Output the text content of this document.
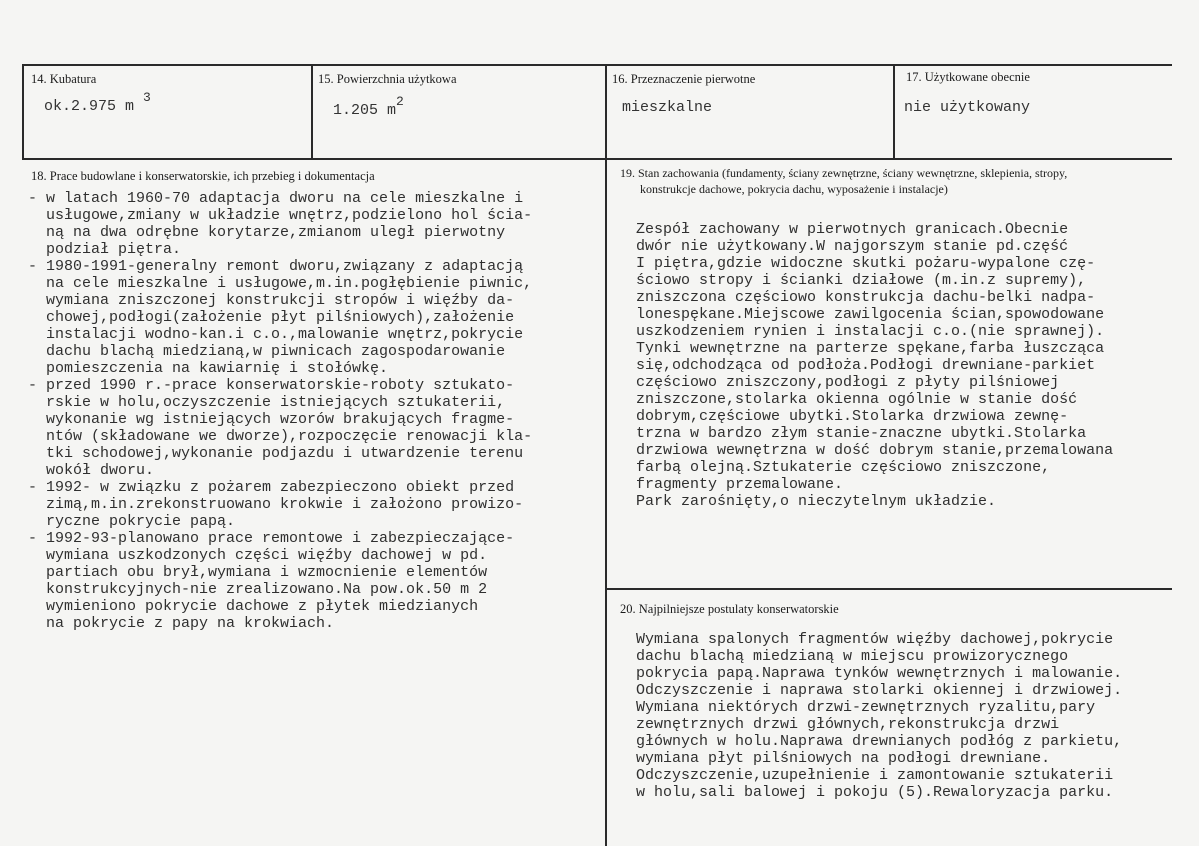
14. Kubatura
ok.2.975 m 3
15. Powierzchnia użytkowa
1.205 m2
16. Przeznaczenie pierwotne
mieszkalne
17. Użytkowane obecnie
nie użytkowany
18. Prace budowlane i konserwatorskie, ich przebieg i dokumentacja
- w latach 1960-70 adaptacja dworu na cele mieszkalne i
usługowe,zmiany w układzie wnętrz,podzielono hol ścia-
ną na dwa odrębne korytarze,zmianom uległ pierwotny
podział piętra.
- 1980-1991-generalny remont dworu,związany z adaptacją
na cele mieszkalne i usługowe,m.in.pogłębienie piwnic,
wymiana zniszczonej konstrukcji stropów i więźby da-
chowej,podłogi(założenie płyt pilśniowych),założenie
instalacji wodno-kan.i c.o.,malowanie wnętrz,pokrycie
dachu blachą miedzianą,w piwnicach zagospodarowanie
pomieszczenia na kawiarnię i stołówkę.
- przed 1990 r.-prace konserwatorskie-roboty sztukato-
rskie w holu,oczyszczenie istniejących sztukaterii,
wykonanie wg istniejących wzorów brakujących fragme-
ntów (składowane we dworze),rozpoczęcie renowacji kla-
tki schodowej,wykonanie podjazdu i utwardzenie terenu
wokół dworu.
- 1992- w związku z pożarem zabezpieczono obiekt przed
zimą,m.in.zrekonstruowano krokwie i założono prowizo-
ryczne pokrycie papą.
- 1992-93-planowano prace remontowe i zabezpieczające-
wymiana uszkodzonych części więźby dachowej w pd.
partiach obu brył,wymiana i wzmocnienie elementów
konstrukcyjnych-nie zrealizowano.Na pow.ok.50 m 2
wymieniono pokrycie dachowe z płytek miedzianych
na pokrycie z papy na krokwiach.
19. Stan zachowania (fundamenty, ściany zewnętrzne, ściany wewnętrzne, sklepienia, stropy,
konstrukcje dachowe, pokrycia dachu, wyposażenie i instalacje)
Zespół zachowany w pierwotnych granicach.Obecnie
dwór nie użytkowany.W najgorszym stanie pd.część
I piętra,gdzie widoczne skutki pożaru-wypalone czę-
ściowo stropy i ścianki działowe (m.in.z supremy),
zniszczona częściowo konstrukcja dachu-belki nadpa-
lonespękane.Miejscowe zawilgocenia ścian,spowodowane
uszkodzeniem rynien i instalacji c.o.(nie sprawnej).
Tynki wewnętrzne na parterze spękane,farba łuszcząca
się,odchodząca od podłoża.Podłogi drewniane-parkiet
częściowo zniszczony,podłogi z płyty pilśniowej
zniszczone,stolarka okienna ogólnie w stanie dość
dobrym,częściowe ubytki.Stolarka drzwiowa zewnę-
trzna w bardzo złym stanie-znaczne ubytki.Stolarka
drzwiowa wewnętrzna w dość dobrym stanie,przemalowana
farbą olejną.Sztukaterie częściowo zniszczone,
fragmenty przemalowane.
Park zarośnięty,o nieczytelnym układzie.
20. Najpilniejsze postulaty konserwatorskie
Wymiana spalonych fragmentów więźby dachowej,pokrycie
dachu blachą miedzianą w miejscu prowizorycznego
pokrycia papą.Naprawa tynków wewnętrznych i malowanie.
Odczyszczenie i naprawa stolarki okiennej i drzwiowej.
Wymiana niektórych drzwi-zewnętrznych ryzalitu,pary
zewnętrznych drzwi głównych,rekonstrukcja drzwi
głównych w holu.Naprawa drewnianych podłóg z parkietu,
wymiana płyt pilśniowych na podłogi drewniane.
Odczyszczenie,uzupełnienie i zamontowanie sztukaterii
w holu,sali balowej i pokoju (5).Rewaloryzacja parku.
